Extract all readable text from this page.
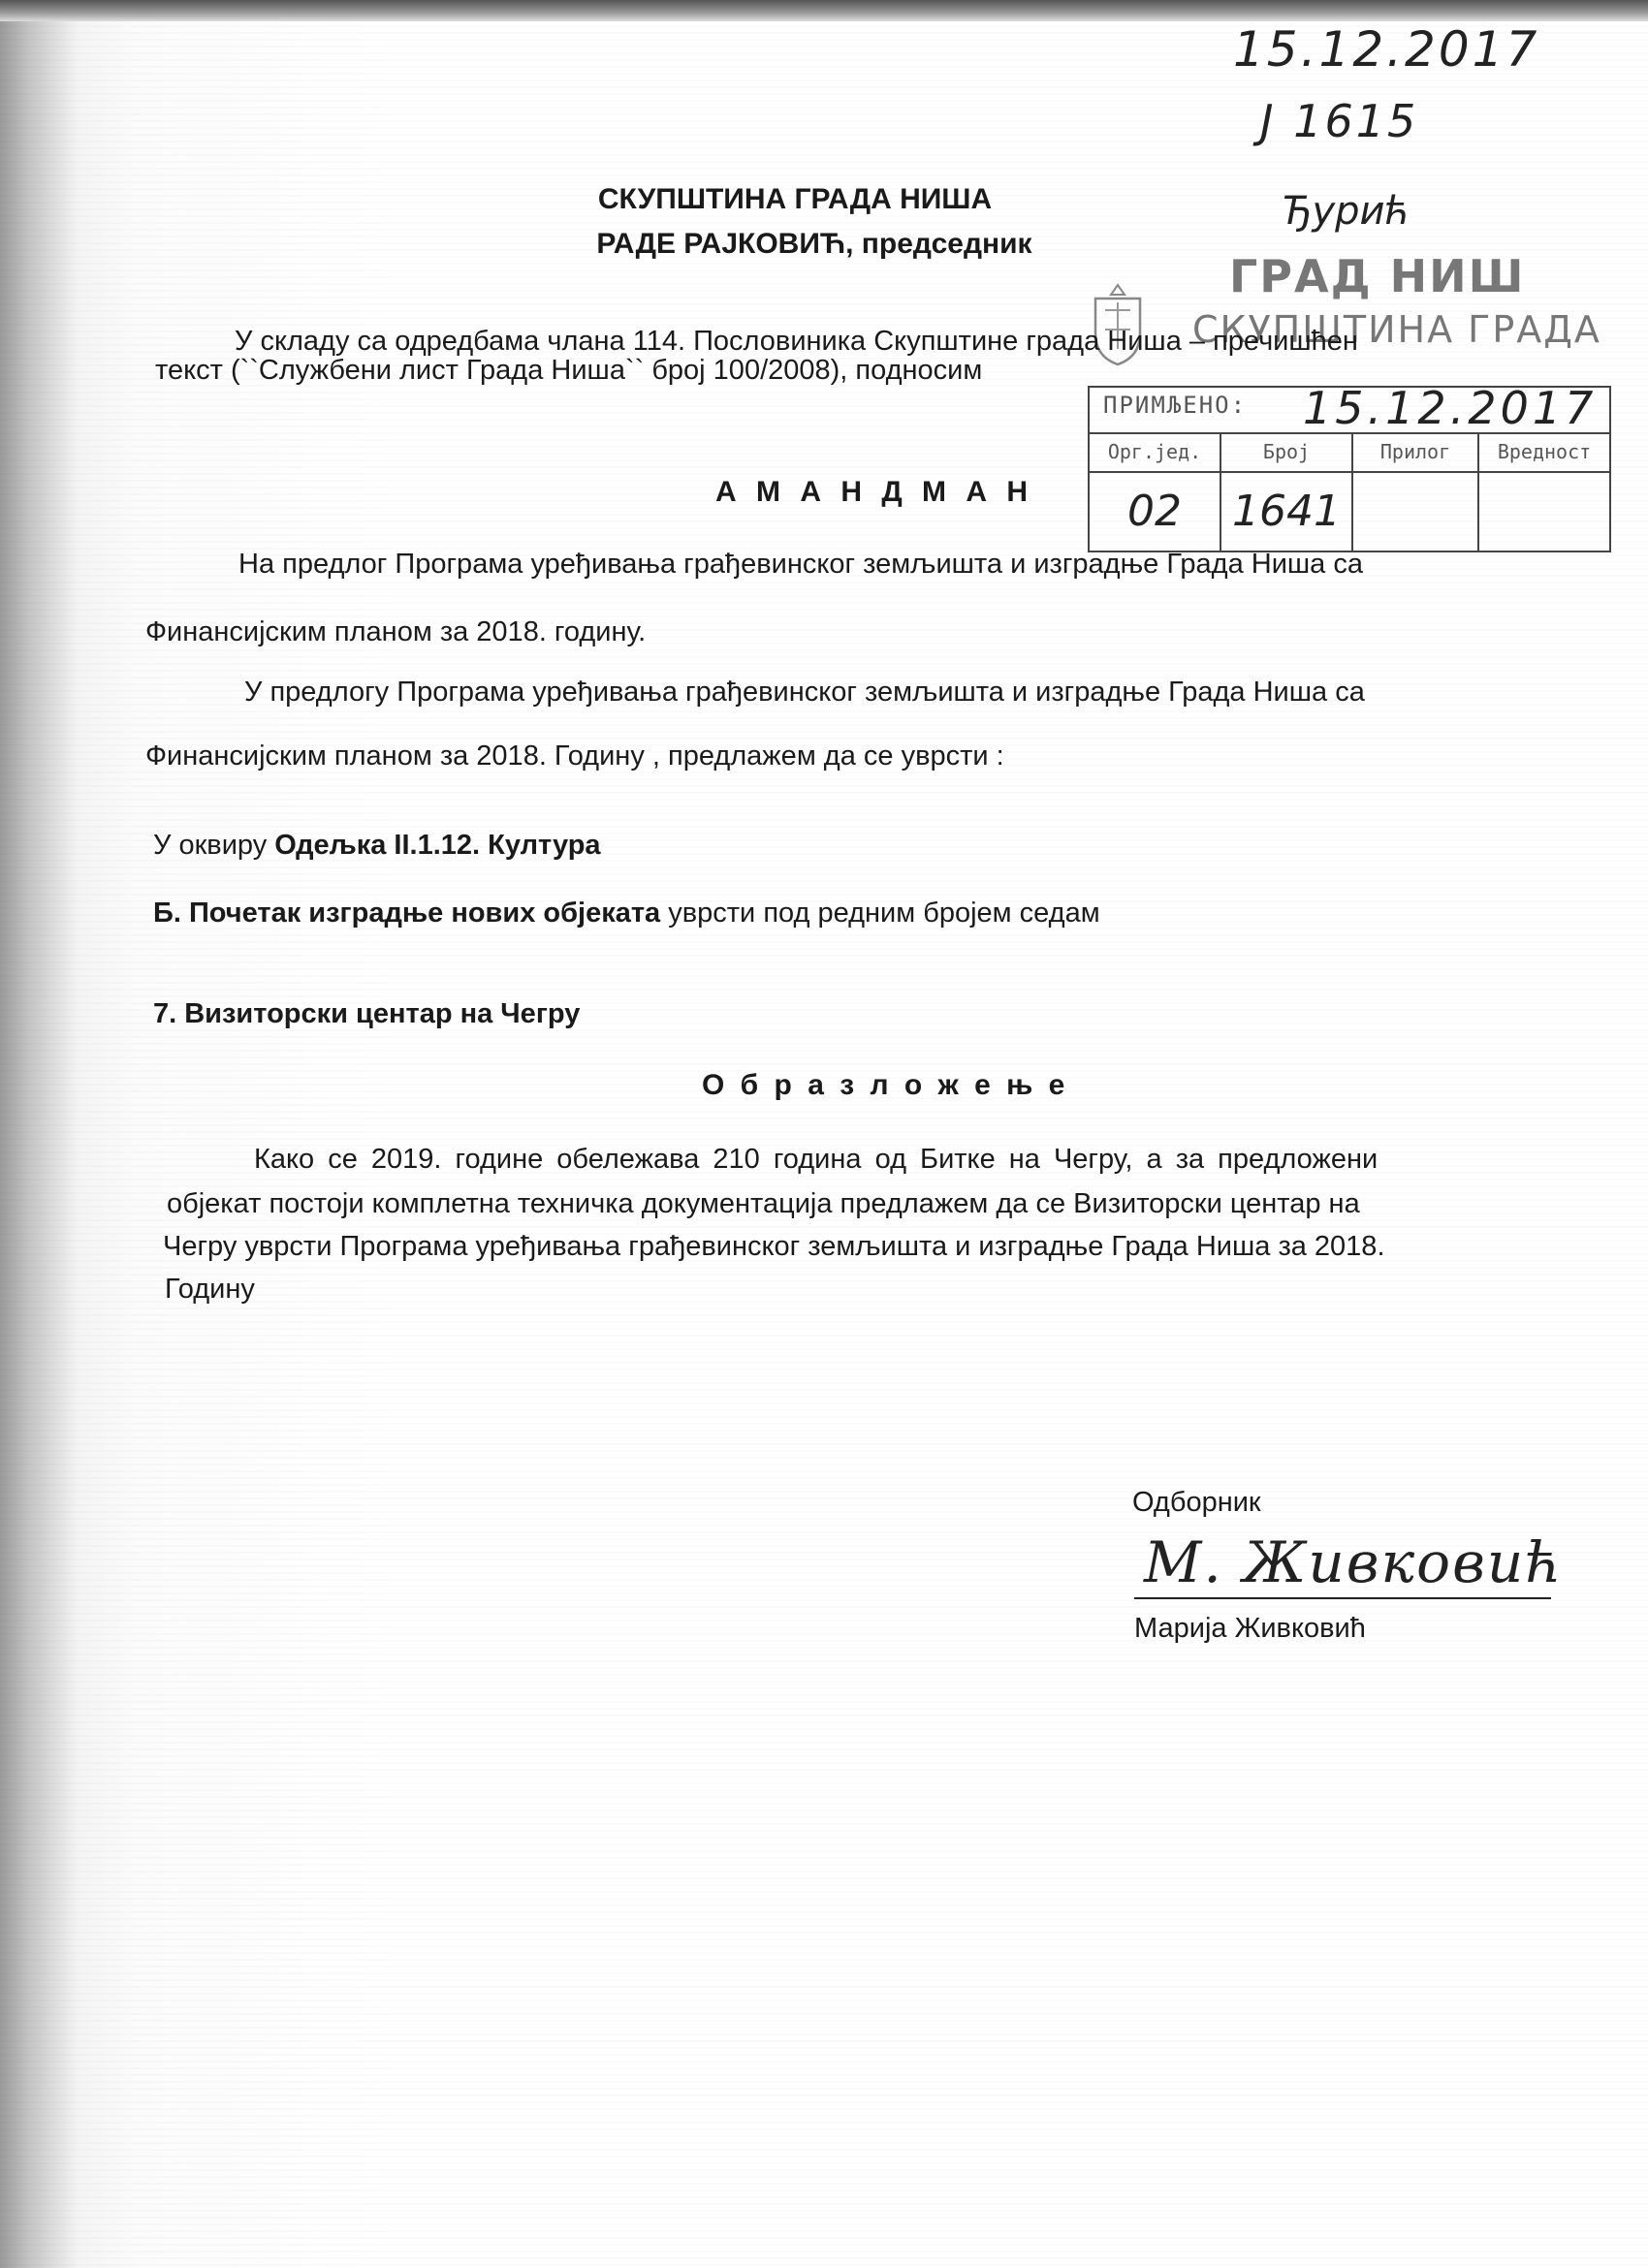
15.12.2017
J 1615
Ђурић
ГРАД НИШ
СКУПШТИНА ГРАДА
ПРИМЉЕНО: 15.12.2017
Орг.јед.
02
Број
1641
Прилог	Вредност
СКУПШТИНА ГРАДА НИША
РАДЕ РАЈКОВИЋ, председник
У складу са одредбама члана 114. Пословиника Скупштине града Ниша – пречишћен
текст (``Службени лист Града Ниша`` број 100/2008), подносим
А М А Н Д М А Н
На предлог Програма уређивања грађевинског земљишта и изградње Града Ниша са
Финансијским планом за 2018. годину.
У предлогу Програма уређивања грађевинског земљишта и изградње Града Ниша са
Финансијским планом за 2018. Годину , предлажем да се уврсти :
У оквиру Одељка II.1.12. Култура
Б. Почетак изградње нових објеката уврсти под редним бројем седам
7. Визиторски центар на Чегру
О б р а з л о ж е њ е
Како се 2019. године обележава 210 година од Битке на Чегру, а за предложени
објекат постоји комплетна техничка документација предлажем да се Визиторски центар на
Чегру уврсти Програма уређивања грађевинског земљишта и изградње Града Ниша за 2018.
Годину
Одборник
М. Живковић
Марија Живковић
